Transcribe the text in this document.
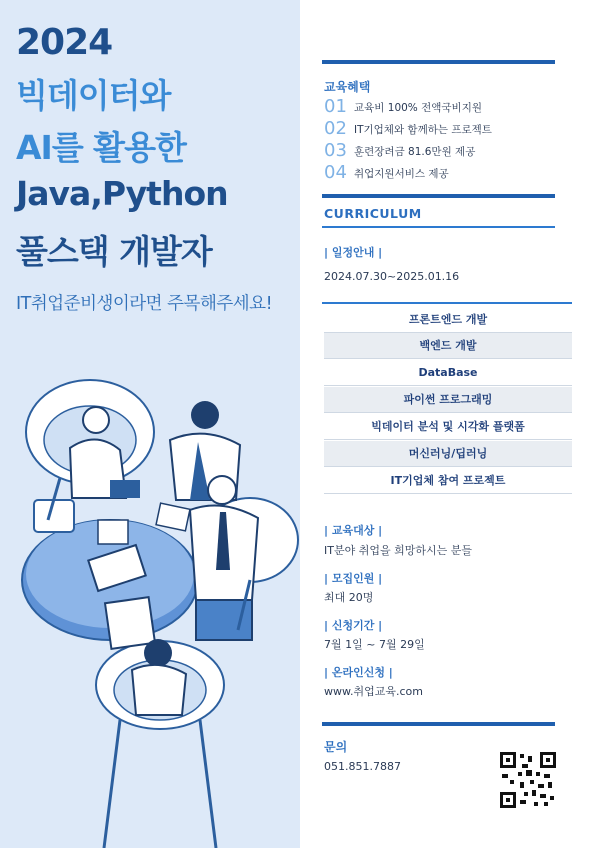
2024
빅데이터와
AI를 활용한
Java,Python
풀스택 개발자
IT취업준비생이라면 주목해주세요!
교육혜택
01 교육비 100% 전액국비지원
02 IT기업체와 함께하는 프로젝트
03 훈련장려금 81.6만원 제공
04 취업지원서비스 제공
CURRICULUM
| 일정안내 |
2024.07.30~2025.01.16
프론트엔드 개발
백엔드 개발
DataBase
파이썬 프로그래밍
빅데이터 분석 및 시각화 플랫폼
머신러닝/딥러닝
IT기업체 참여 프로젝트
| 교육대상 |
IT분야 취업을 희망하시는 분들
| 모집인원 |
최대 20명
| 신청기간 |
7월 1일 ~ 7월 29일
| 온라인신청 |
www.취업교육.com
문의
051.851.7887
